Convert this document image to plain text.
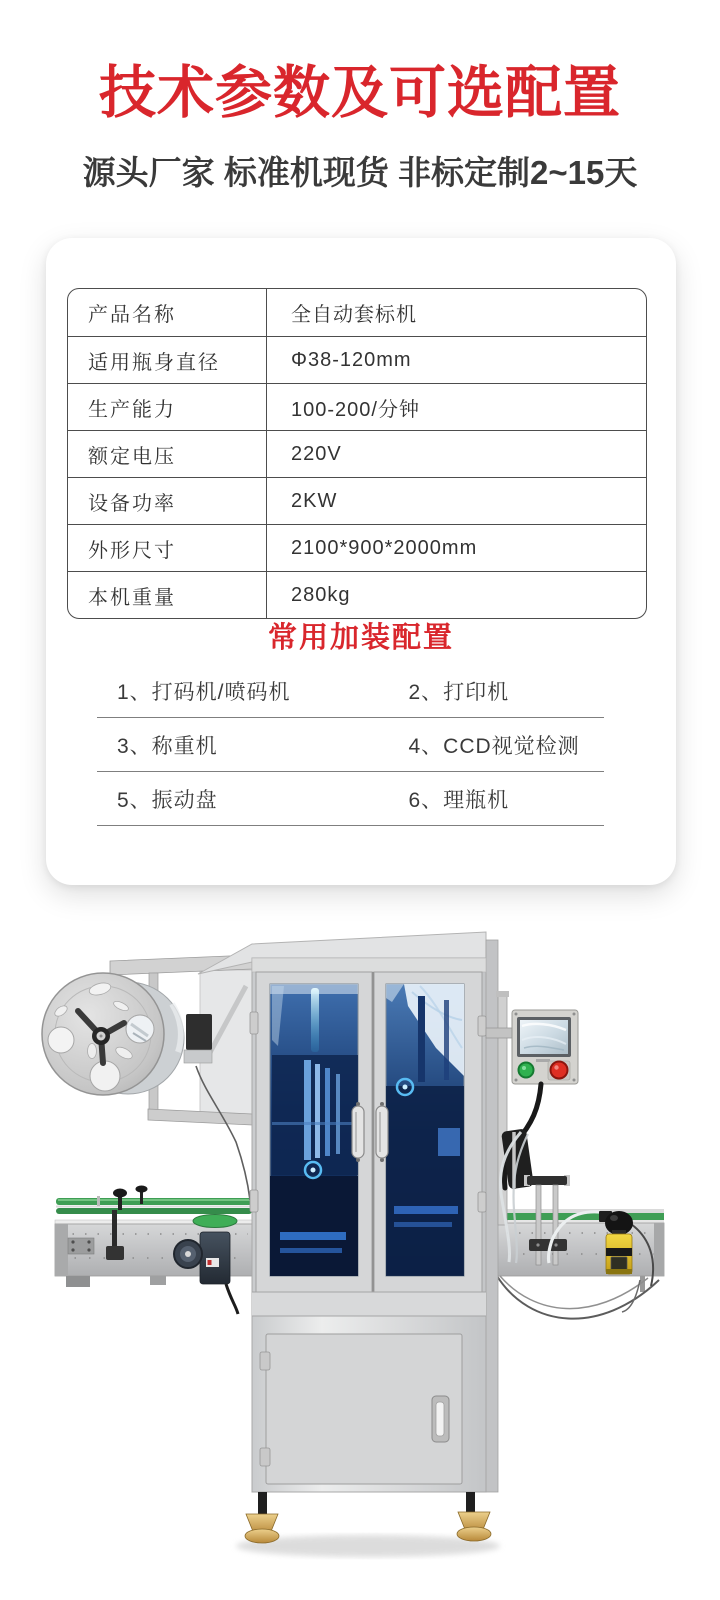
技术参数及可选配置
源头厂家 标准机现货 非标定制2~15天
产品名称	全自动套标机
适用瓶身直径	Φ38-120mm
生产能力	100-200/分钟
额定电压	220V
设备功率	2KW
外形尺寸	2100*900*2000mm
本机重量	280kg
常用加装配置
1、打码机/喷码机	2、打印机
3、称重机	4、CCD视觉检测
5、振动盘	6、理瓶机
